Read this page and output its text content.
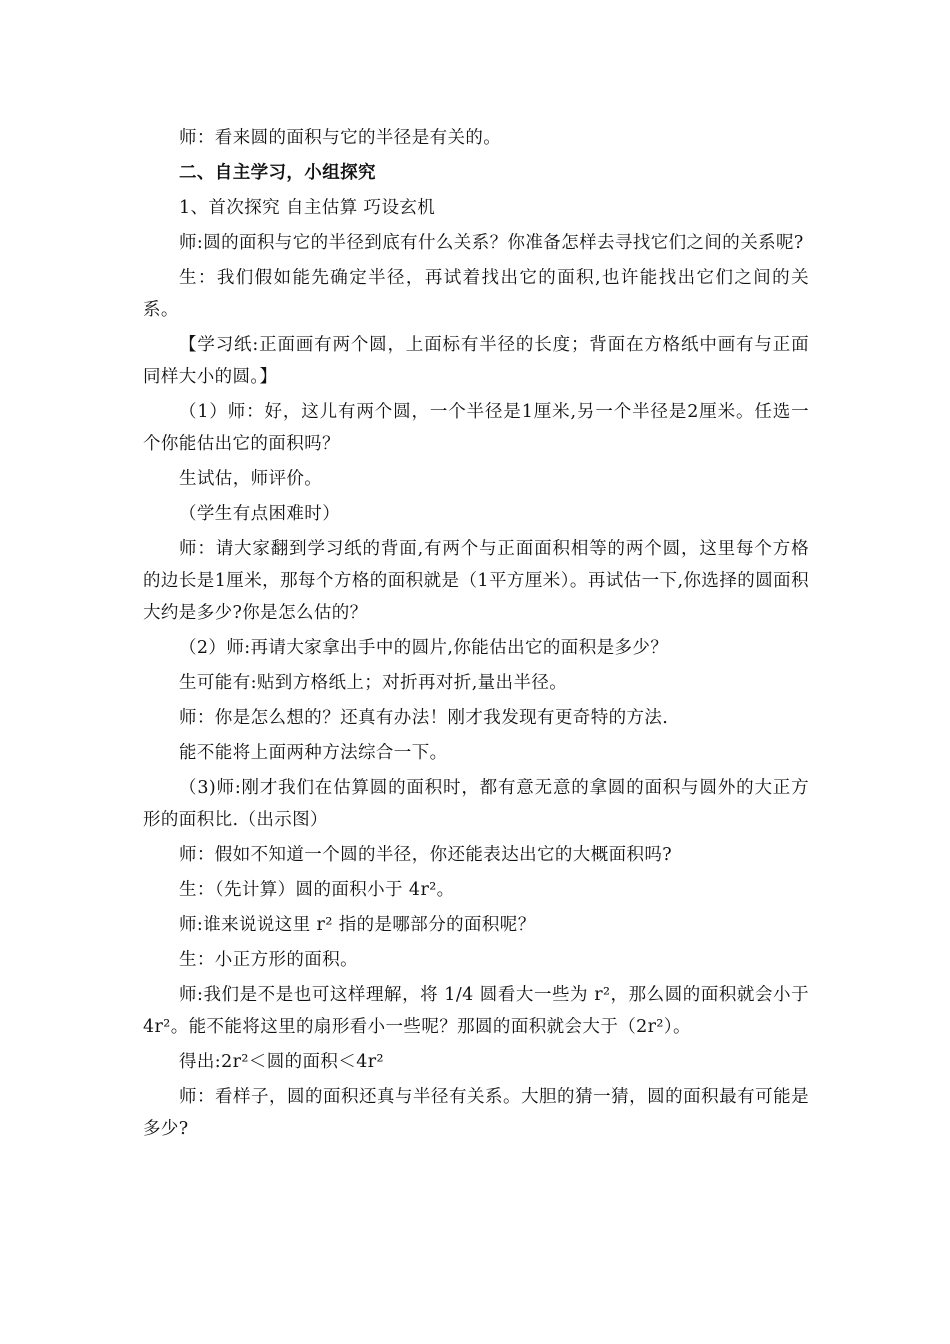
师：看来圆的面积与它的半径是有关的。

二、自主学习，小组探究

1、首次探究 自主估算 巧设玄机

师:圆的面积与它的半径到底有什么关系？你准备怎样去寻找它们之间的关系呢?

生：我们假如能先确定半径，再试着找出它的面积,也许能找出它们之间的关系。

【学习纸:正面画有两个圆，上面标有半径的长度；背面在方格纸中画有与正面同样大小的圆。】

（1）师：好，这儿有两个圆，一个半径是1厘米,另一个半径是2厘米。任选一个你能估出它的面积吗？

生试估，师评价。

（学生有点困难时）

师：请大家翻到学习纸的背面,有两个与正面面积相等的两个圆，这里每个方格的边长是1厘米，那每个方格的面积就是（1平方厘米）。再试估一下,你选择的圆面积大约是多少?你是怎么估的？

（2）师:再请大家拿出手中的圆片,你能估出它的面积是多少？

生可能有:贴到方格纸上；对折再对折,量出半径。

师：你是怎么想的？还真有办法！刚才我发现有更奇特的方法.

能不能将上面两种方法综合一下。

（3)师:刚才我们在估算圆的面积时，都有意无意的拿圆的面积与圆外的大正方形的面积比.（出示图）

师：假如不知道一个圆的半径，你还能表达出它的大概面积吗?

生：（先计算）圆的面积小于 4r²。

师:谁来说说这里 r² 指的是哪部分的面积呢？

生：小正方形的面积。

师:我们是不是也可这样理解，将 1/4 圆看大一些为 r²，那么圆的面积就会小于 4r²。能不能将这里的扇形看小一些呢？那圆的面积就会大于（2r²）。

得出:2r²＜圆的面积＜4r²

师：看样子，圆的面积还真与半径有关系。大胆的猜一猜，圆的面积最有可能是多少?
